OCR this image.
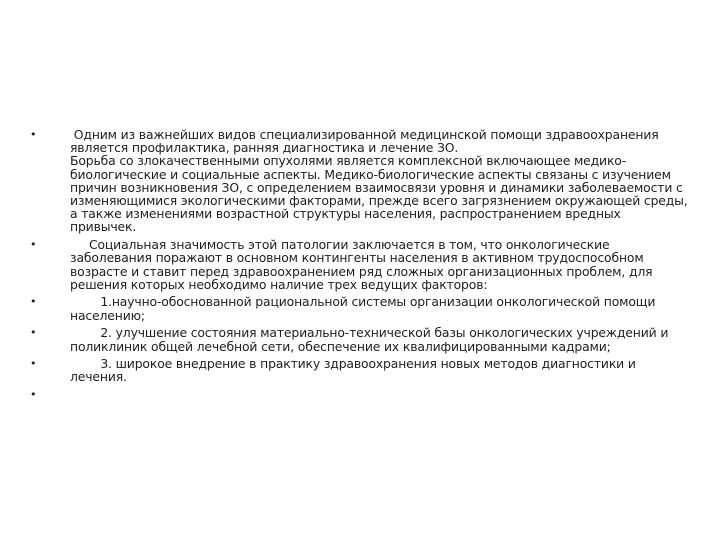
•	Одним из важнейших видов специализированной медицинской помощи здравоохранения является профилактика, ранняя диагностика и лечение ЗО.
Борьба со злокачественными опухолями является комплексной включающее медико-биологические и социальные аспекты. Медико-биологические аспекты связаны с изучением причин возникновения ЗО, с определением взаимосвязи уровня и динамики заболеваемости с изменяющимися экологическими факторами, прежде всего загрязнением окружающей среды, а также изменениями возрастной структуры населения, распространением вредных привычек.
•	Социальная значимость этой патологии заключается в том, что онкологические заболевания поражают в основном контингенты населения в активном трудоспособном возрасте и ставит перед здравоохранением ряд сложных организационных проблем, для решения которых необходимо наличие трех ведущих факторов:
•	1.научно-обоснованной рациональной системы организации онкологической помощи населению;
•	2. улучшение состояния материально-технической базы онкологических учреждений и поликлиник общей лечебной сети, обеспечение их квалифицированными кадрами;
•	3. широкое внедрение в практику здравоохранения новых методов диагностики и лечения.
•
